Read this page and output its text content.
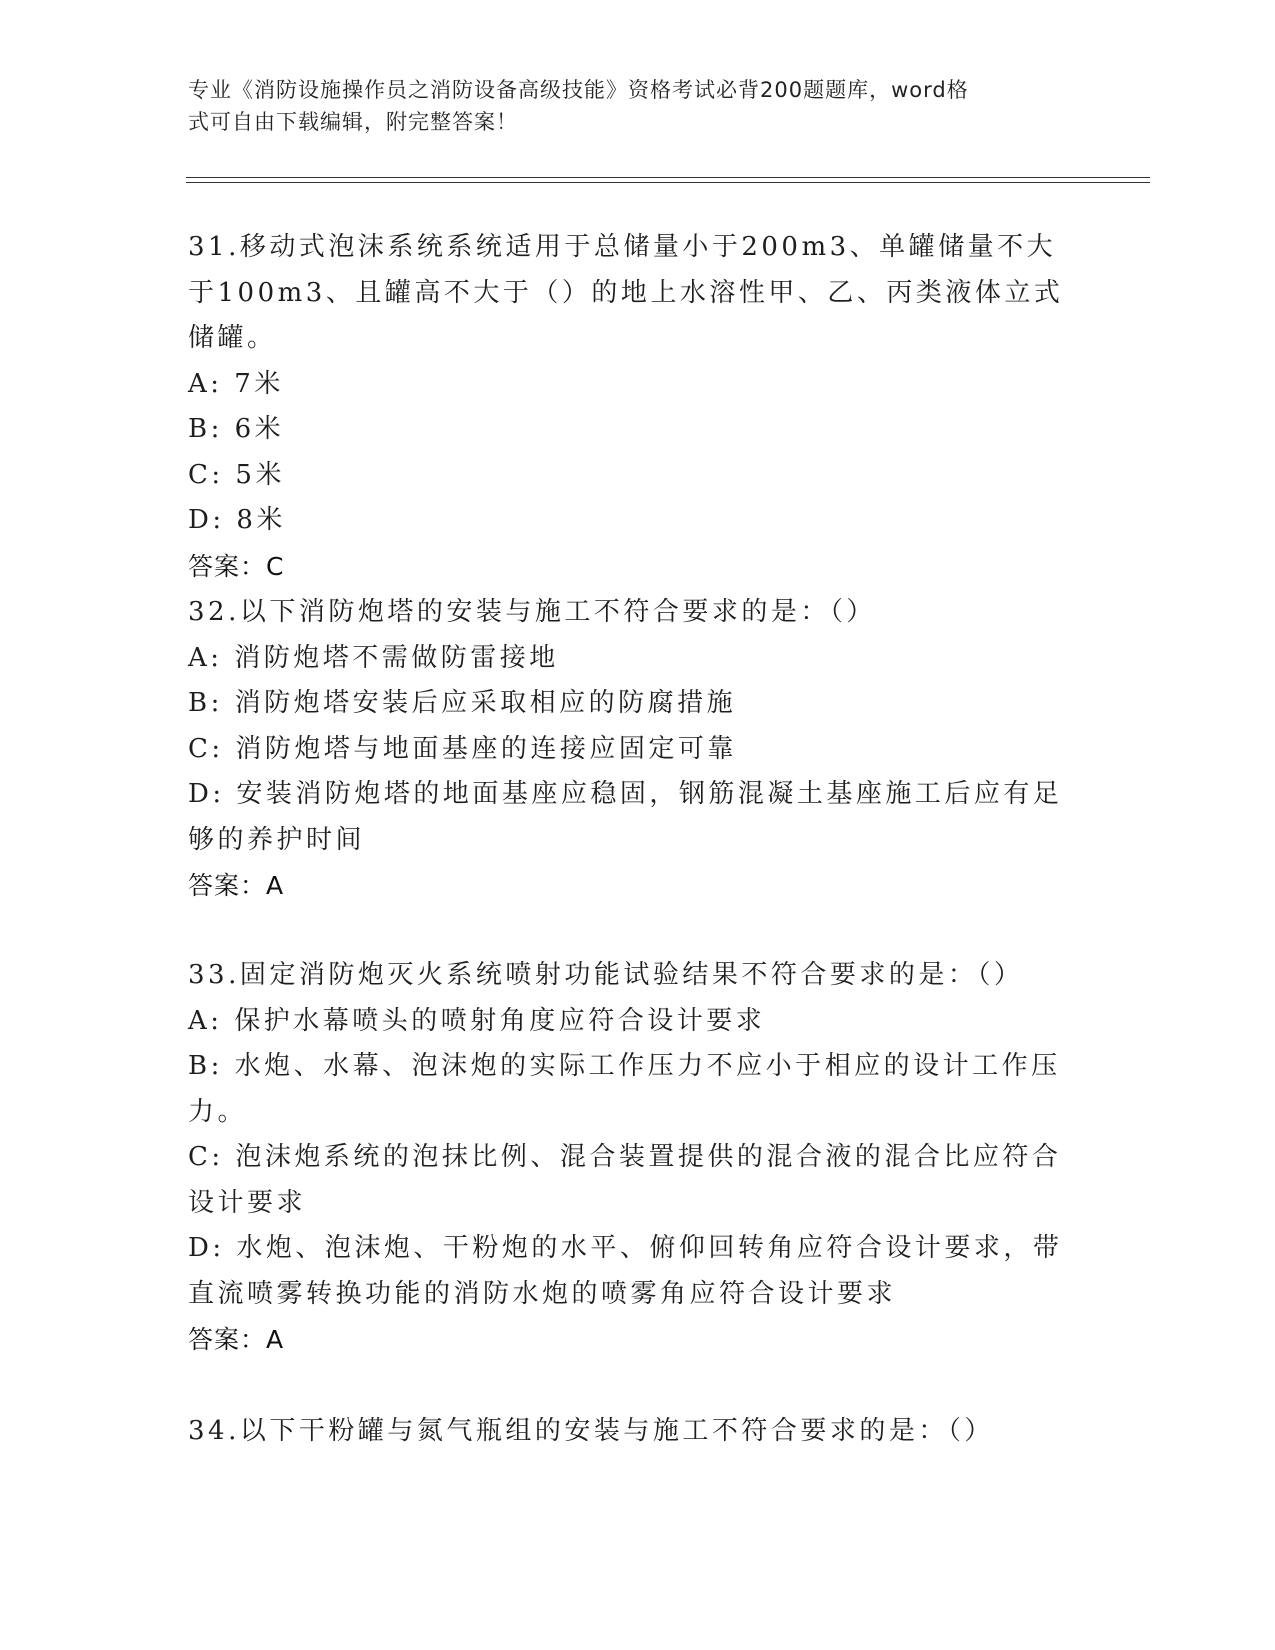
专业《消防设施操作员之消防设备高级技能》资格考试必背200题题库，word格
式可自由下载编辑，附完整答案！
31.移动式泡沫系统系统适用于总储量小于200m3、单罐储量不大于100m3、且罐高不大于（）的地上水溶性甲、乙、丙类液体立式储罐。
A: 7米
B: 6米
C: 5米
D: 8米
答案：C
32.以下消防炮塔的安装与施工不符合要求的是：（）
A: 消防炮塔不需做防雷接地
B: 消防炮塔安装后应采取相应的防腐措施
C: 消防炮塔与地面基座的连接应固定可靠
D: 安装消防炮塔的地面基座应稳固，钢筋混凝土基座施工后应有足够的养护时间
答案：A
33.固定消防炮灭火系统喷射功能试验结果不符合要求的是：（）
A: 保护水幕喷头的喷射角度应符合设计要求
B: 水炮、水幕、泡沫炮的实际工作压力不应小于相应的设计工作压力。
C: 泡沫炮系统的泡抹比例、混合装置提供的混合液的混合比应符合设计要求
D: 水炮、泡沫炮、干粉炮的水平、俯仰回转角应符合设计要求，带直流喷雾转换功能的消防水炮的喷雾角应符合设计要求
答案：A
34.以下干粉罐与氮气瓶组的安装与施工不符合要求的是：（）
